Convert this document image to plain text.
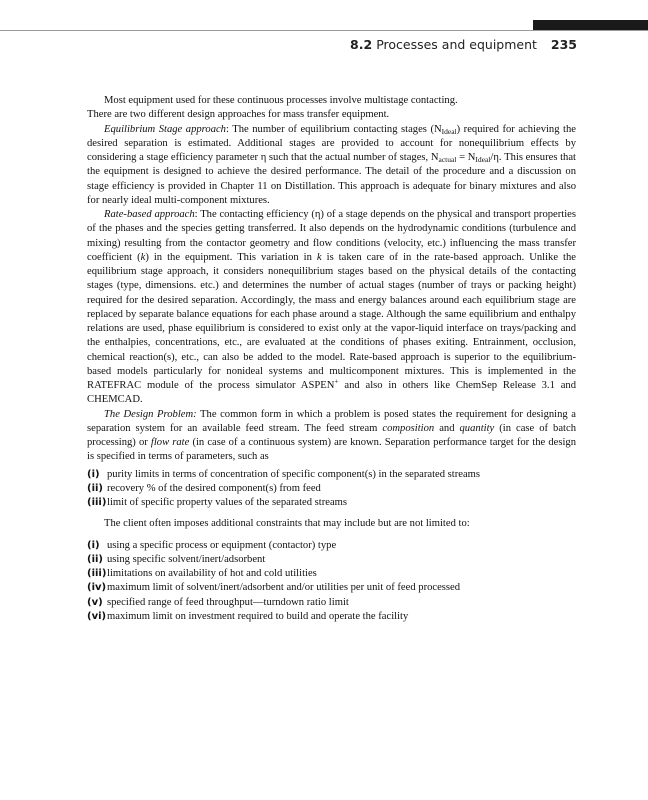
8.2 Processes and equipment 235

Most equipment used for these continuous processes involve multistage contacting.
There are two different design approaches for mass transfer equipment.

Equilibrium Stage approach: The number of equilibrium contacting stages $(N_{Ideal})$ required for achieving the desired separation is estimated. Additional stages are provided to account for nonequilibrium effects by considering a stage efficiency parameter η such that the actual number of stages, $N_{actual} = N_{Ideal}/\eta$. This ensures that the equipment is designed to achieve the desired performance. The detail of the procedure and a discussion on stage efficiency is provided in Chapter 11 on Distillation. This approach is adequate for binary mixtures and also for nearly ideal multi-component mixtures.

Rate-based approach: The contacting efficiency (η) of a stage depends on the physical and transport properties of the phases and the species getting transferred. It also depends on the hydrodynamic conditions (turbulence and mixing) resulting from the contactor geometry and flow conditions (velocity, etc.) influencing the mass transfer coefficient (k) in the equipment. This variation in k is taken care of in the rate-based approach. Unlike the equilibrium stage approach, it considers nonequilibrium stages based on the physical details of the contacting stages (type, dimensions. etc.) and determines the number of actual stages (number of trays or packing height) required for the desired separation. Accordingly, the mass and energy balances around each equilibrium stage are replaced by separate balance equations for each phase around a stage. Although the same equilibrium and enthalpy relations are used, phase equilibrium is considered to exist only at the vapor-liquid interface on trays/packing and the enthalpies, concentrations, etc., are evaluated at the conditions of phases exiting. Entrainment, occlusion, chemical reaction(s), etc., can also be added to the model. Rate-based approach is superior to the equilibrium-based models particularly for nonideal systems and multicomponent mixtures. This is implemented in the RATEFRAC module of the process simulator ASPEN+ and also in others like ChemSep Release 3.1 and CHEMCAD.

The Design Problem: The common form in which a problem is posed states the requirement for designing a separation system for an available feed stream. The feed stream composition and quantity (in case of batch processing) or flow rate (in case of a continuous system) are known. Separation performance target for the design is specified in terms of parameters, such as

(i) purity limits in terms of concentration of specific component(s) in the separated streams
(ii) recovery % of the desired component(s) from feed
(iii) limit of specific property values of the separated streams

The client often imposes additional constraints that may include but are not limited to:

(i) using a specific process or equipment (contactor) type
(ii) using specific solvent/inert/adsorbent
(iii) limitations on availability of hot and cold utilities
(iv) maximum limit of solvent/inert/adsorbent and/or utilities per unit of feed processed
(v) specified range of feed throughput—turndown ratio limit
(vi) maximum limit on investment required to build and operate the facility
